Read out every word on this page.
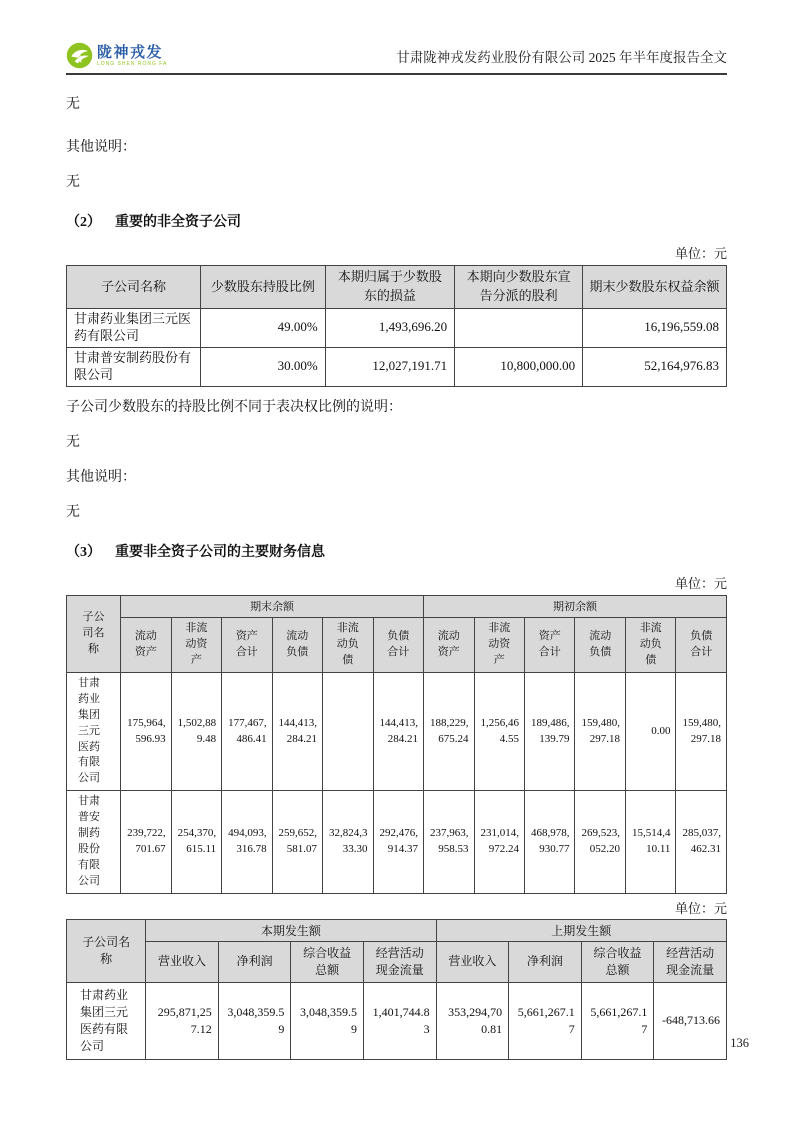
陇神戎发
LONG SHEN RONG FA	甘肃陇神戎发药业股份有限公司 2025 年半年度报告全文

无

其他说明：

无

（2） 重要的非全资子公司

单位：元

子公司名称	少数股东持股比例	本期归属于少数股东的损益	本期向少数股东宣告分派的股利	期末少数股东权益余额
甘肃药业集团三元医药有限公司	49.00%	1,493,696.20		16,196,559.08
甘肃普安制药股份有限公司	30.00%	12,027,191.71	10,800,000.00	52,164,976.83

子公司少数股东的持股比例不同于表决权比例的说明：

无

其他说明：

无

（3） 重要非全资子公司的主要财务信息

单位：元

子公司名称	期末余额						期初余额					
	流动资产	非流动资产	资产合计	流动负债	非流动负债	负债合计	流动资产	非流动资产	资产合计	流动负债	非流动负债	负债合计
甘肃药业集团三元医药有限公司	175,964,596.93	1,502,889.48	177,467,486.41	144,413,284.21		144,413,284.21	188,229,675.24	1,256,464.55	189,486,139.79	159,480,297.18	0.00	159,480,297.18
甘肃普安制药股份有限公司	239,722,701.67	254,370,615.11	494,093,316.78	259,652,581.07	32,824,333.30	292,476,914.37	237,963,958.53	231,014,972.24	468,978,930.77	269,523,052.20	15,514,410.11	285,037,462.31

单位：元

子公司名称	本期发生额				上期发生额			
	营业收入	净利润	综合收益总额	经营活动现金流量	营业收入	净利润	综合收益总额	经营活动现金流量
甘肃药业集团三元医药有限公司	295,871,257.12	3,048,359.59	3,048,359.59	1,401,744.83	353,294,700.81	5,661,267.17	5,661,267.17	-648,713.66
136
